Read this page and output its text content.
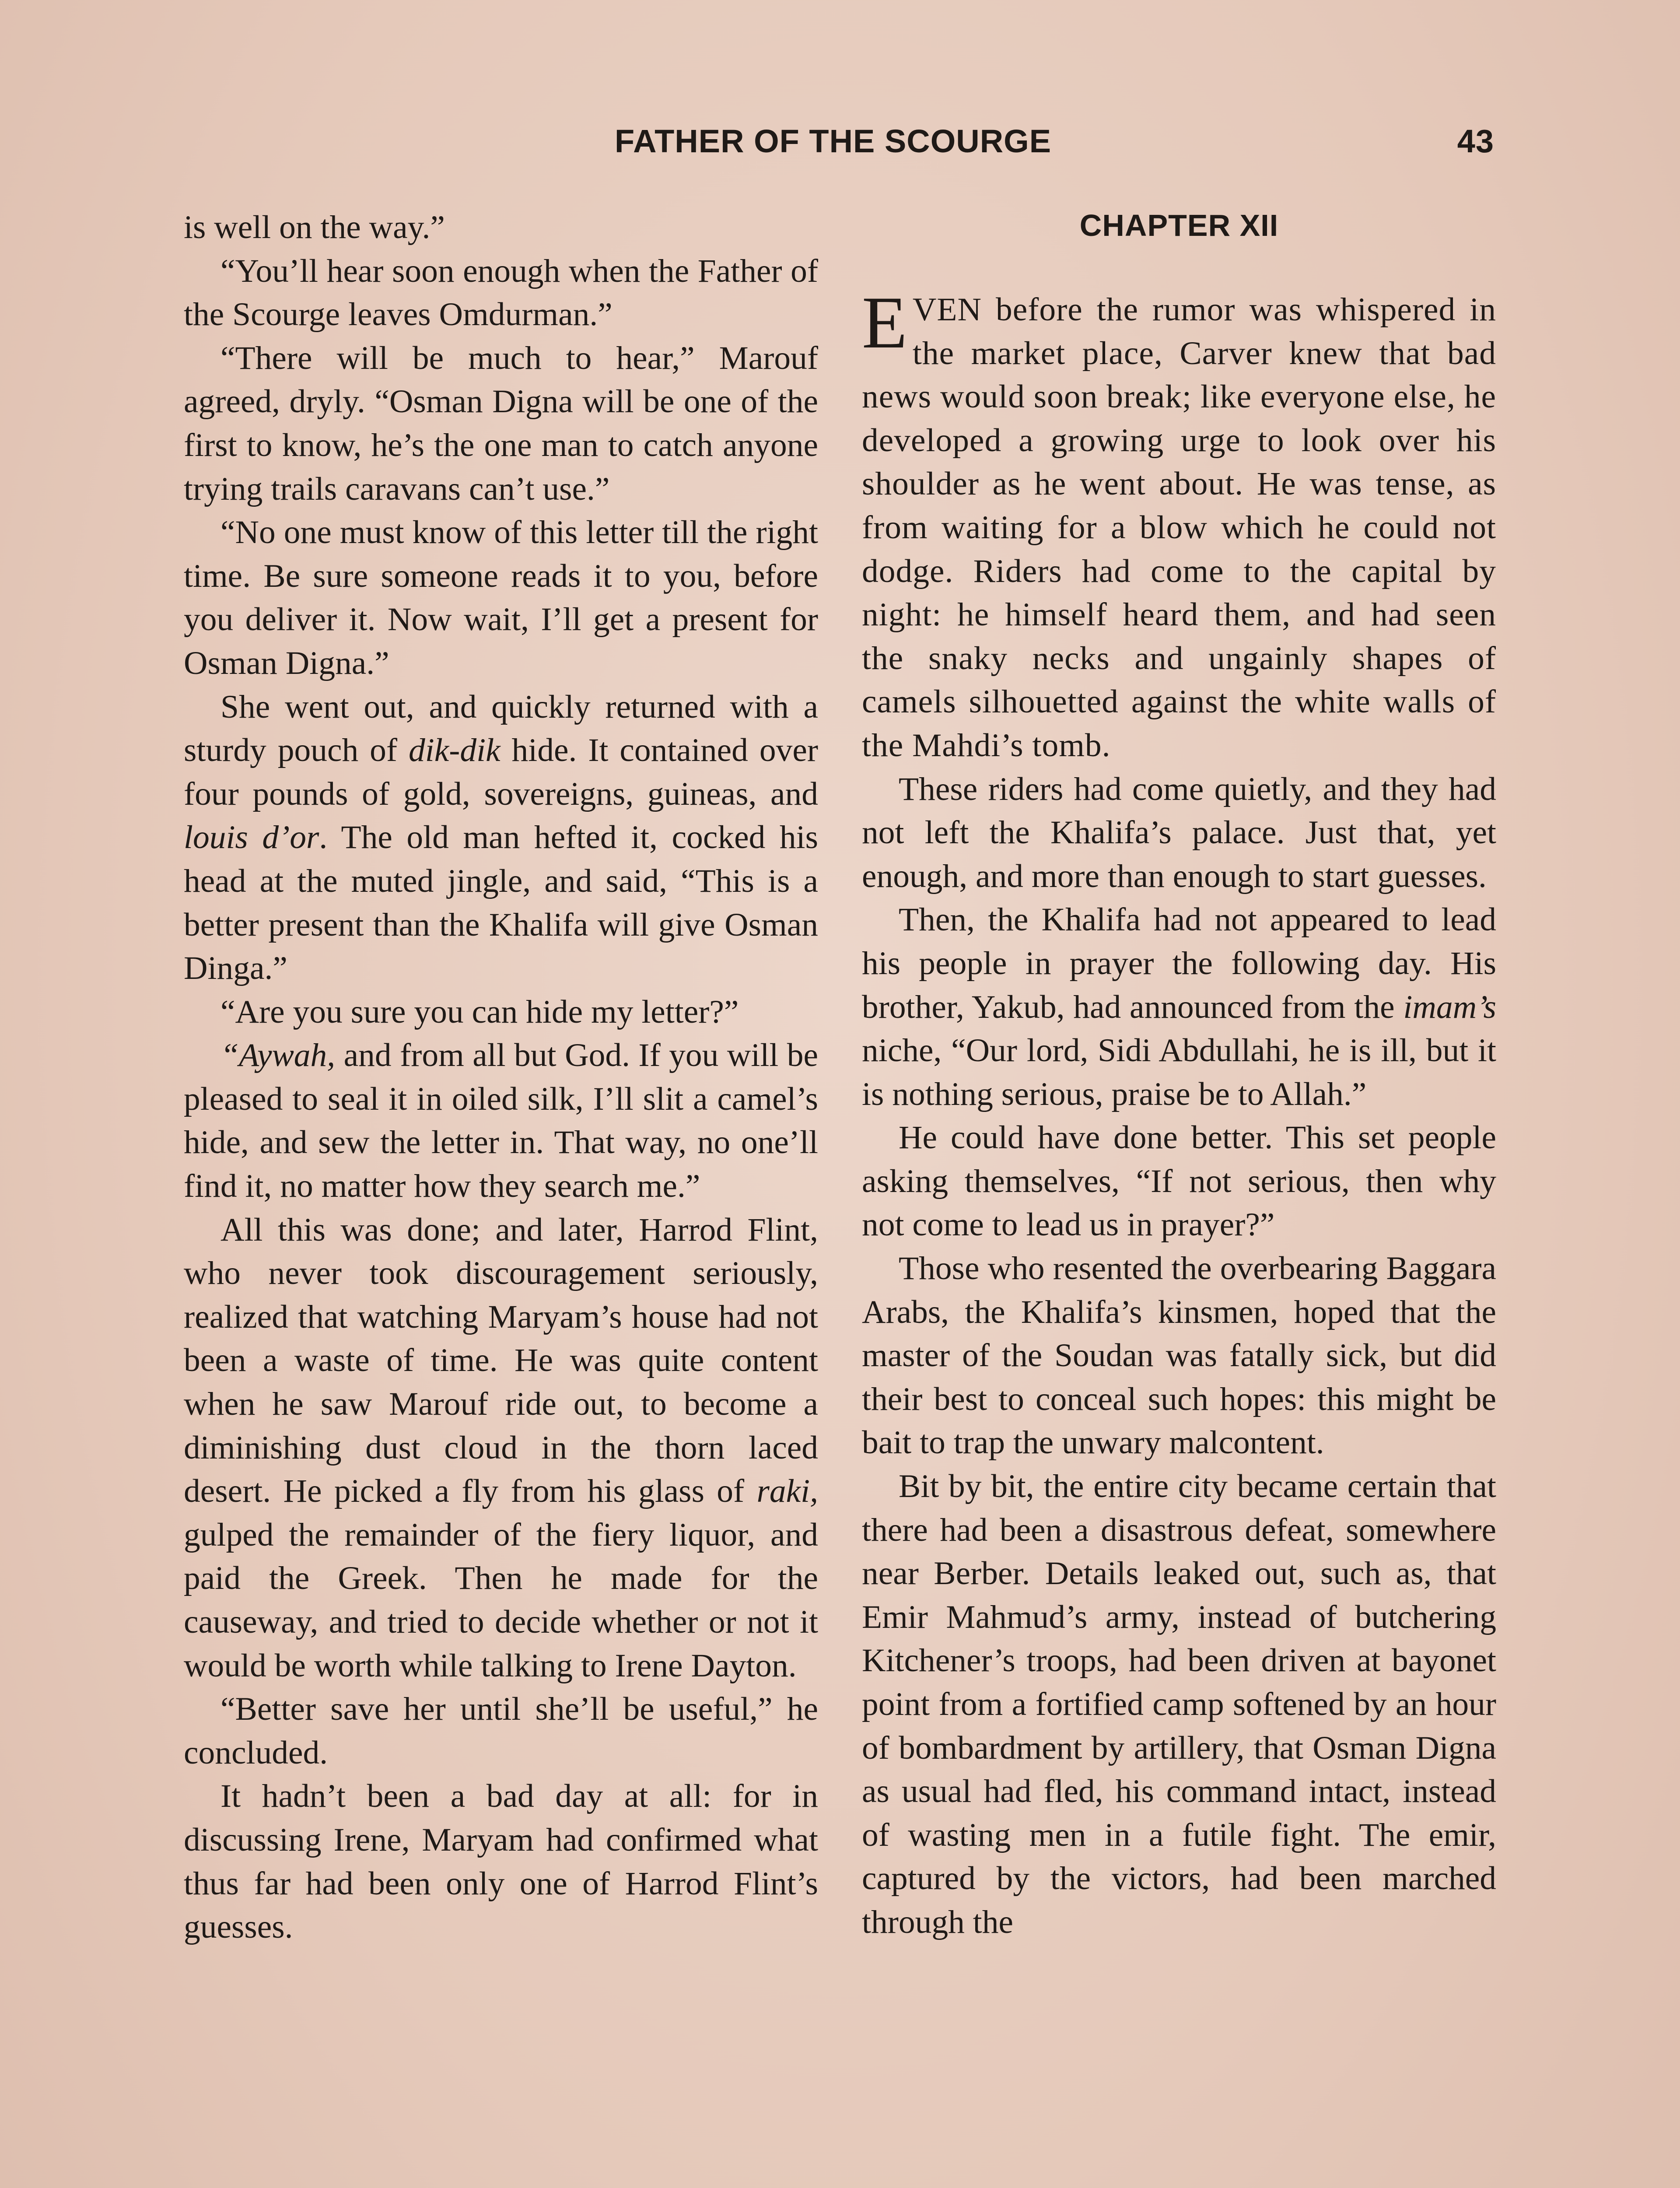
FATHER OF THE SCOURGE	43

is well on the way.”

“You’ll hear soon enough when the Father of the Scourge leaves Omdurman.”

“There will be much to hear,” Marouf agreed, dryly. “Osman Digna will be one of the first to know, he’s the one man to catch anyone trying trails caravans can’t use.”

“No one must know of this letter till the right time. Be sure someone reads it to you, before you deliver it. Now wait, I’ll get a present for Osman Digna.”

She went out, and quickly returned with a sturdy pouch of dik-dik hide. It contained over four pounds of gold, sovereigns, guineas, and louis d’or. The old man hefted it, cocked his head at the muted jingle, and said, “This is a better present than the Khalifa will give Osman Dinga.”

“Are you sure you can hide my letter?”

“Aywah, and from all but God. If you will be pleased to seal it in oiled silk, I’ll slit a camel’s hide, and sew the letter in. That way, no one’ll find it, no matter how they search me.”

All this was done; and later, Harrod Flint, who never took discouragement seriously, realized that watching Maryam’s house had not been a waste of time. He was quite content when he saw Marouf ride out, to become a diminishing dust cloud in the thorn laced desert. He picked a fly from his glass of raki, gulped the remainder of the fiery liquor, and paid the Greek. Then he made for the causeway, and tried to decide whether or not it would be worth while talking to Irene Dayton.

“Better save her until she’ll be useful,” he concluded.

It hadn’t been a bad day at all: for in discussing Irene, Maryam had confirmed what thus far had been only one of Harrod Flint’s guesses.

CHAPTER XII

EVEN before the rumor was whispered in the market place, Carver knew that bad news would soon break; like everyone else, he developed a growing urge to look over his shoulder as he went about. He was tense, as from waiting for a blow which he could not dodge. Riders had come to the capital by night: he himself heard them, and had seen the snaky necks and ungainly shapes of camels silhouetted against the white walls of the Mahdi’s tomb.

These riders had come quietly, and they had not left the Khalifa’s palace. Just that, yet enough, and more than enough to start guesses.

Then, the Khalifa had not appeared to lead his people in prayer the following day. His brother, Yakub, had announced from the imam’s niche, “Our lord, Sidi Abdullahi, he is ill, but it is nothing serious, praise be to Allah.”

He could have done better. This set people asking themselves, “If not serious, then why not come to lead us in prayer?”

Those who resented the overbearing Baggara Arabs, the Khalifa’s kinsmen, hoped that the master of the Soudan was fatally sick, but did their best to conceal such hopes: this might be bait to trap the unwary malcontent.

Bit by bit, the entire city became certain that there had been a disastrous defeat, somewhere near Berber. Details leaked out, such as, that Emir Mahmud’s army, instead of butchering Kitchener’s troops, had been driven at bayonet point from a fortified camp softened by an hour of bombardment by artillery, that Osman Digna as usual had fled, his command intact, instead of wasting men in a futile fight. The emir, captured by the victors, had been marched through the
